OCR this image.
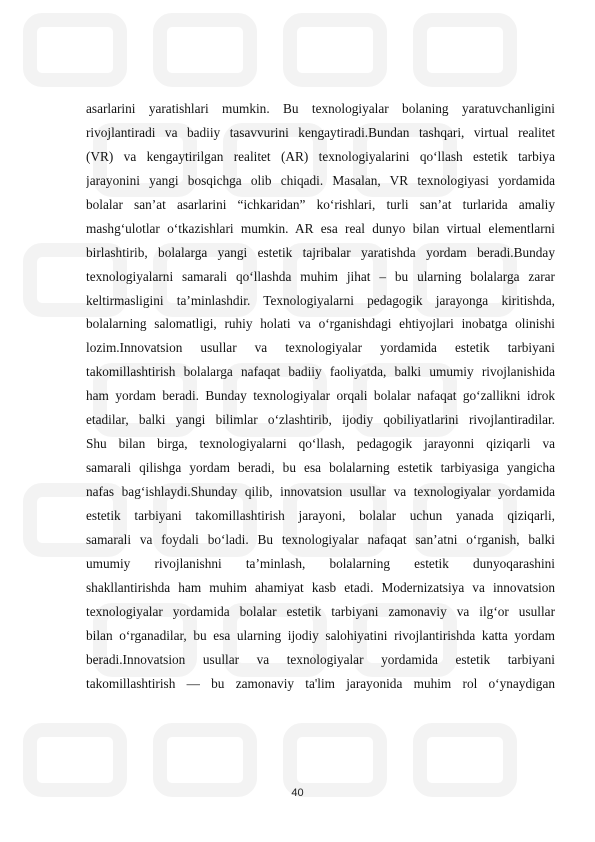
asarlarini yaratishlari mumkin. Bu texnologiyalar bolaning yaratuvchanligini
rivojlantiradi va badiiy tasavvurini kengaytiradi.Bundan tashqari, virtual realitet
(VR) va kengaytirilgan realitet (AR) texnologiyalarini qo‘llash estetik tarbiya
jarayonini yangi bosqichga olib chiqadi. Masalan, VR texnologiyasi yordamida
bolalar san’at asarlarini “ichkaridan” ko‘rishlari, turli san’at turlarida amaliy
mashg‘ulotlar o‘tkazishlari mumkin. AR esa real dunyo bilan virtual elementlarni
birlashtirib, bolalarga yangi estetik tajribalar yaratishda yordam beradi.Bunday
texnologiyalarni samarali qo‘llashda muhim jihat – bu ularning bolalarga zarar
keltirmasligini ta’minlashdir. Texnologiyalarni pedagogik jarayonga kiritishda,
bolalarning salomatligi, ruhiy holati va o‘rganishdagi ehtiyojlari inobatga olinishi
lozim.Innovatsion usullar va texnologiyalar yordamida estetik tarbiyani
takomillashtirish bolalarga nafaqat badiiy faoliyatda, balki umumiy rivojlanishida
ham yordam beradi. Bunday texnologiyalar orqali bolalar nafaqat go‘zallikni idrok
etadilar, balki yangi bilimlar o‘zlashtirib, ijodiy qobiliyatlarini rivojlantiradilar.
Shu bilan birga, texnologiyalarni qo‘llash, pedagogik jarayonni qiziqarli va
samarali qilishga yordam beradi, bu esa bolalarning estetik tarbiyasiga yangicha
nafas bag‘ishlaydi.Shunday qilib, innovatsion usullar va texnologiyalar yordamida
estetik tarbiyani takomillashtirish jarayoni, bolalar uchun yanada qiziqarli,
samarali va foydali bo‘ladi. Bu texnologiyalar nafaqat san’atni o‘rganish, balki
umumiy rivojlanishni ta’minlash, bolalarning estetik dunyoqarashini
shakllantirishda ham muhim ahamiyat kasb etadi. Modernizatsiya va innovatsion
texnologiyalar yordamida bolalar estetik tarbiyani zamonaviy va ilg‘or usullar
bilan o‘rganadilar, bu esa ularning ijodiy salohiyatini rivojlantirishda katta yordam
beradi.Innovatsion usullar va texnologiyalar yordamida estetik tarbiyani
takomillashtirish — bu zamonaviy ta'lim jarayonida muhim rol o‘ynaydigan
40
